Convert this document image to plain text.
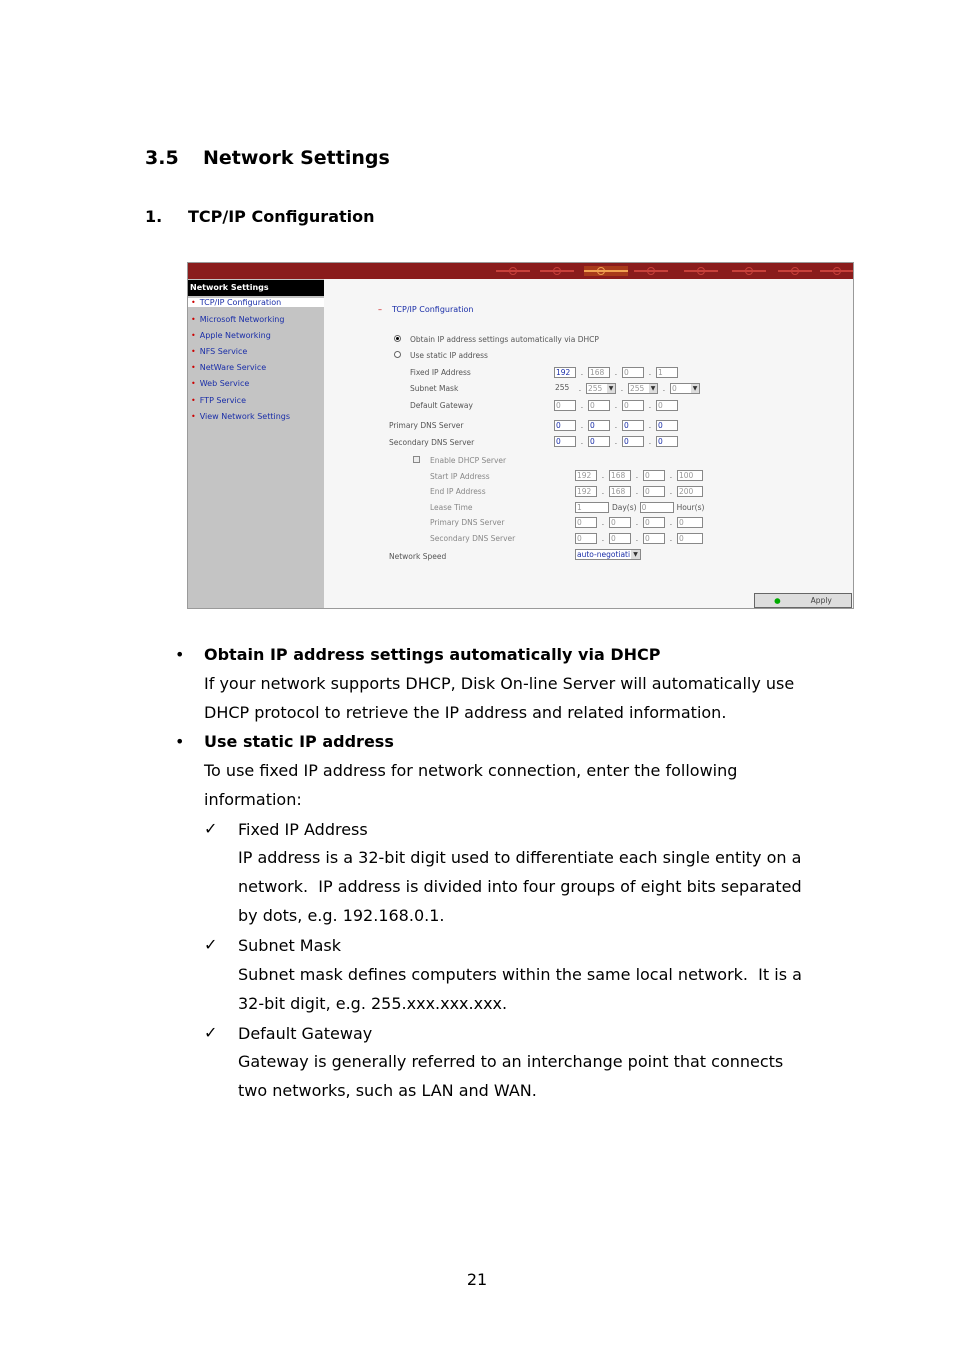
3.5 Network Settings
1. TCP/IP Configuration
Network Settings
• TCP/IP Configuration
• Microsoft Networking
• Apple Networking
• NFS Service
• NetWare Service
• Web Service
• FTP Service
• View Network Settings
– TCP/IP Configuration
Obtain IP address settings automatically via DHCP
Use static IP address
Fixed IP Address	192 . 168 . 0	. 1
Subnet Mask	255 . 255 ▼ . 255 ▼ . 0 ▼
Default Gateway	0	. 0	. 0	. 0
Primary DNS Server	0	. 0	. 0	. 0
Secondary DNS Server	0	. 0	. 0	. 0
Enable DHCP Server
Start IP Address	192 . 168 . 0	. 100
End IP Address	192 . 168 . 0	. 200
Lease Time	1	Day(s) 0	Hour(s)
Primary DNS Server	0	. 0	. 0	. 0
Secondary DNS Server	0	. 0	. 0	. 0
Network Speed	auto-negotiati ▼
●	Apply
• Obtain IP address settings automatically via DHCP
If your network supports DHCP, Disk On-line Server will automatically use
DHCP protocol to retrieve the IP address and related information.
• Use static IP address
To use fixed IP address for network connection, enter the following
information:
✓ Fixed IP Address
IP address is a 32-bit digit used to differentiate each single entity on a
network.  IP address is divided into four groups of eight bits separated
by dots, e.g. 192.168.0.1.
✓ Subnet Mask
Subnet mask defines computers within the same local network.  It is a
32-bit digit, e.g. 255.xxx.xxx.xxx.
✓ Default Gateway
Gateway is generally referred to an interchange point that connects
two networks, such as LAN and WAN.
21
